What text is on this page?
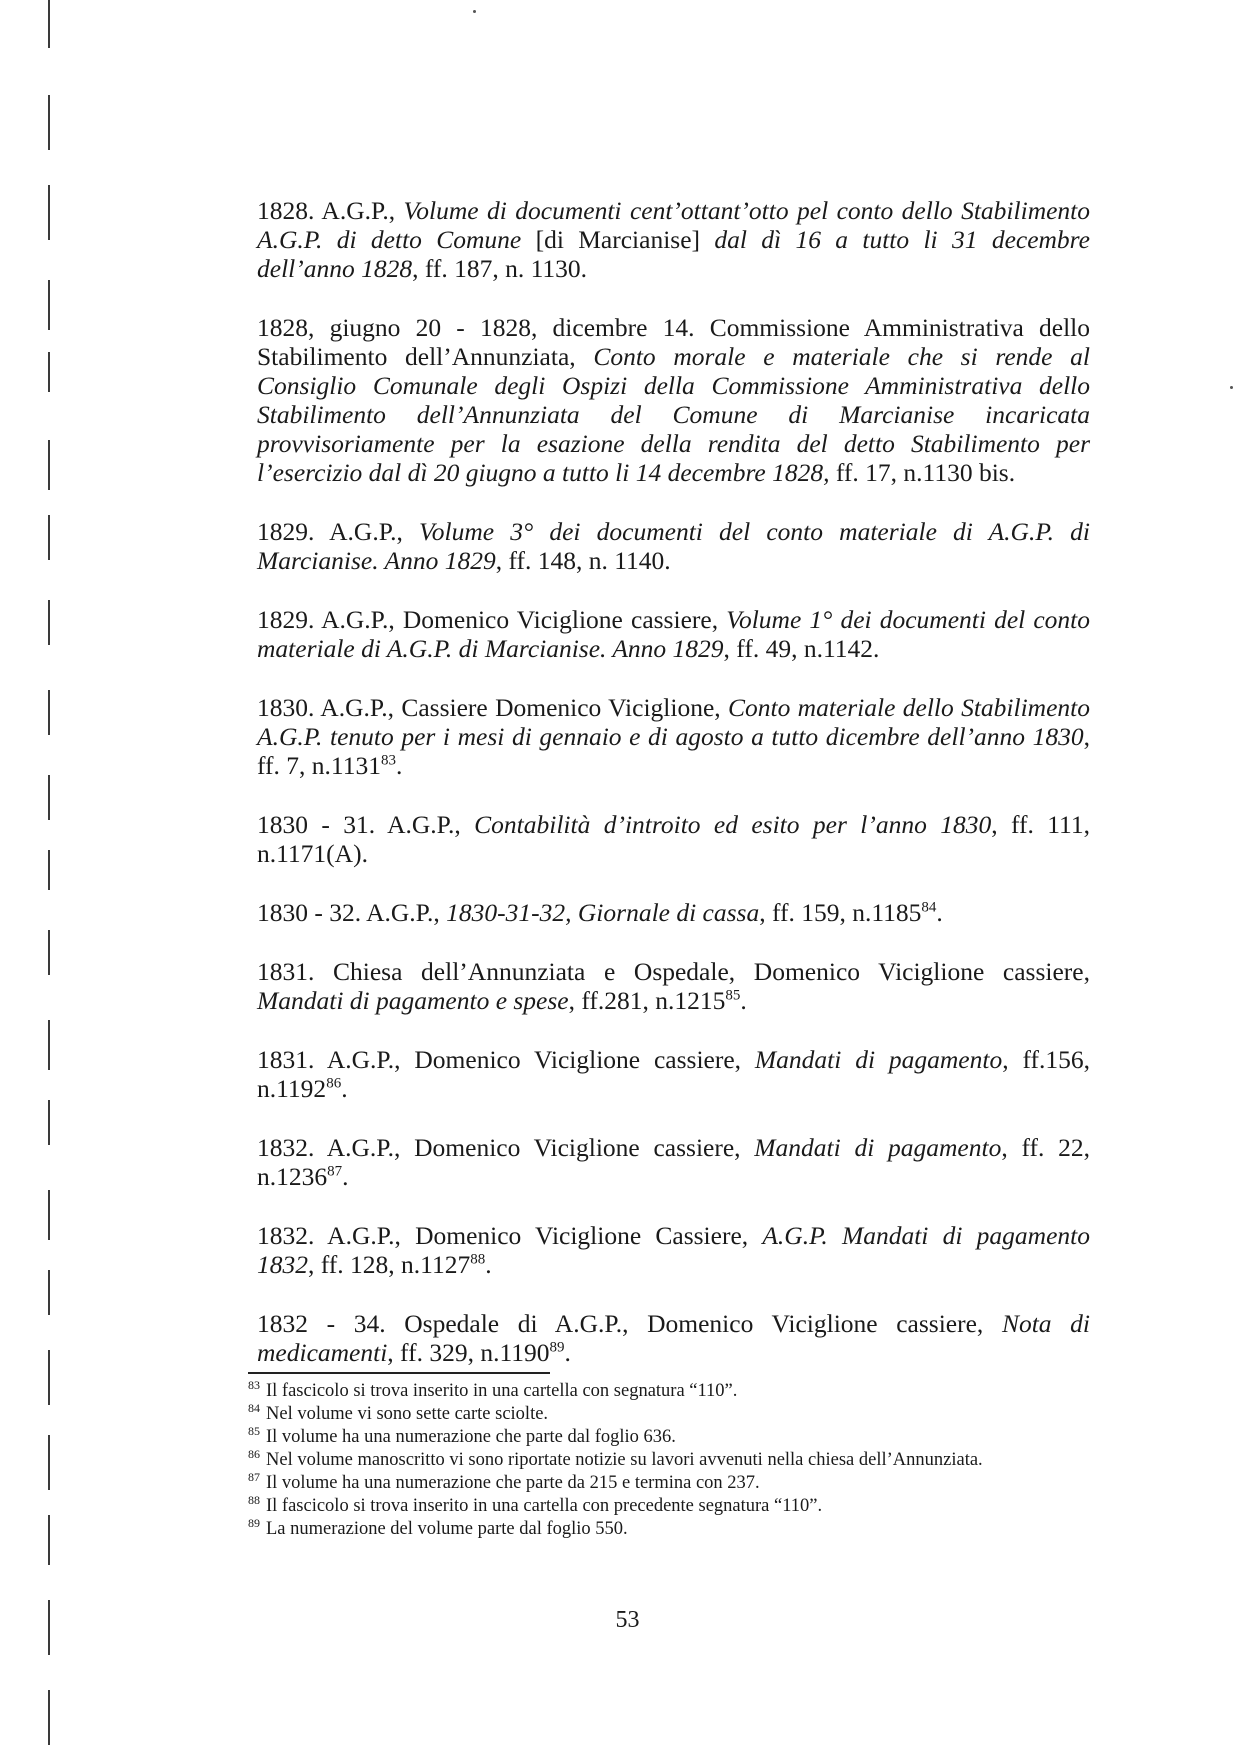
1828. A.G.P., Volume di documenti cent’ottant’otto pel conto dello Stabilimento A.G.P. di detto Comune [di Marcianise] dal dì 16 a tutto li 31 decembre dell’anno 1828, ff. 187, n. 1130.

1828, giugno 20 - 1828, dicembre 14. Commissione Amministrativa dello Stabilimento dell’Annunziata, Conto morale e materiale che si rende al Consiglio Comunale degli Ospizi della Commissione Amministrativa dello Stabilimento dell’Annunziata del Comune di Marcianise incaricata provvisoriamente per la esazione della rendita del detto Stabilimento per l’esercizio dal dì 20 giugno a tutto li 14 decembre 1828, ff. 17, n.1130 bis.

1829. A.G.P., Volume 3° dei documenti del conto materiale di A.G.P. di Marcianise. Anno 1829, ff. 148, n. 1140.

1829. A.G.P., Domenico Viciglione cassiere, Volume 1° dei documenti del conto materiale di A.G.P. di Marcianise. Anno 1829, ff. 49, n.1142.

1830. A.G.P., Cassiere Domenico Viciglione, Conto materiale dello Stabilimento A.G.P. tenuto per i mesi di gennaio e di agosto a tutto dicembre dell’anno 1830, ff. 7, n.1131$^{83}$.

1830 - 31. A.G.P., Contabilità d’introito ed esito per l’anno 1830, ff. 111, n.1171(A).

1830 - 32. A.G.P., 1830-31-32, Giornale di cassa, ff. 159, n.1185$^{84}$.

1831. Chiesa dell’Annunziata e Ospedale, Domenico Viciglione cassiere, Mandati di pagamento e spese, ff.281, n.1215$^{85}$.

1831. A.G.P., Domenico Viciglione cassiere, Mandati di pagamento, ff.156, n.1192$^{86}$.

1832. A.G.P., Domenico Viciglione cassiere, Mandati di pagamento, ff. 22, n.1236$^{87}$.

1832. A.G.P., Domenico Viciglione Cassiere, A.G.P. Mandati di pagamento 1832, ff. 128, n.1127$^{88}$.

1832 - 34. Ospedale di A.G.P., Domenico Viciglione cassiere, Nota di medicamenti, ff. 329, n.1190$^{89}$.

$^{83}$ Il fascicolo si trova inserito in una cartella con segnatura “110”.
$^{84}$ Nel volume vi sono sette carte sciolte.
$^{85}$ Il volume ha una numerazione che parte dal foglio 636.
$^{86}$ Nel volume manoscritto vi sono riportate notizie su lavori avvenuti nella chiesa dell’Annunziata.
$^{87}$ Il volume ha una numerazione che parte da 215 e termina con 237.
$^{88}$ Il fascicolo si trova inserito in una cartella con precedente segnatura “110”.
$^{89}$ La numerazione del volume parte dal foglio 550.
53
